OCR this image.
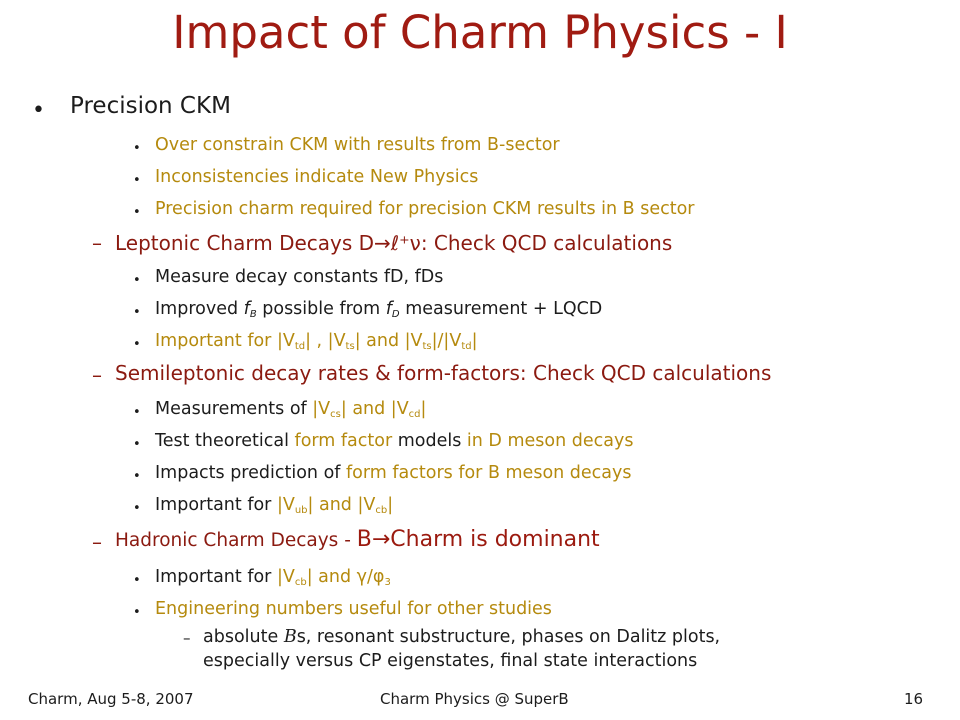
Impact of Charm Physics - I
• Precision CKM
• Over constrain CKM with results from B-sector
• Inconsistencies indicate New Physics
• Precision charm required for precision CKM results in B sector
– Leptonic Charm Decays D→ℓ⁺ν: Check QCD calculations
• Measure decay constants fD, fDs
• Improved $f_B$ possible from $f_D$ measurement + LQCD
• Important for $|V_{td}|$ , $|V_{ts}|$ and $|V_{ts}|/|V_{td}|$
– Semileptonic decay rates & form-factors: Check QCD calculations
• Measurements of $|V_{cs}|$ and $|V_{cd}|$
• Test theoretical form factor models in D meson decays
• Impacts prediction of form factors for B meson decays
• Important for $|V_{ub}|$ and $|V_{cb}|$
– Hadronic Charm Decays - B→Charm is dominant
• Important for $|V_{cb}|$ and $\gamma/\varphi_3$
• Engineering numbers useful for other studies
– absolute Bs, resonant substructure, phases on Dalitz plots,
especially versus CP eigenstates, final state interactions
Charm, Aug 5-8, 2007	Charm Physics @ SuperB	16
